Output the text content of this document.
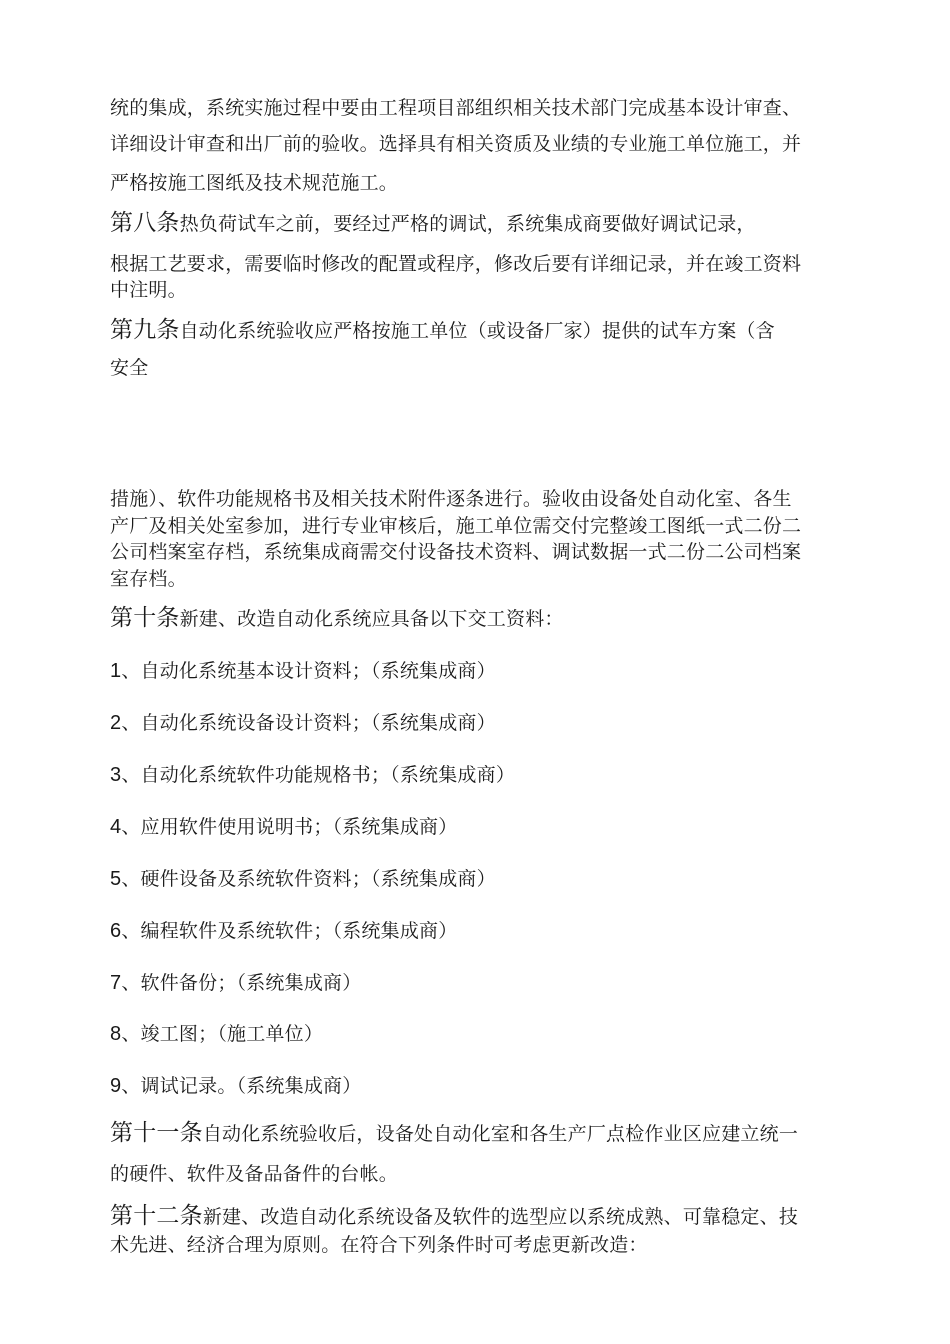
统的集成，系统实施过程中要由工程项目部组织相关技术部门完成基本设计审查、
详细设计审查和出厂前的验收。选择具有相关资质及业绩的专业施工单位施工，并
严格按施工图纸及技术规范施工。
第八条热负荷试车之前，要经过严格的调试，系统集成商要做好调试记录，
根据工艺要求，需要临时修改的配置或程序，修改后要有详细记录，并在竣工资料
中注明。
第九条自动化系统验收应严格按施工单位（或设备厂家）提供的试车方案（含
安全
措施）、软件功能规格书及相关技术附件逐条进行。验收由设备处自动化室、各生
产厂及相关处室参加，进行专业审核后，施工单位需交付完整竣工图纸一式二份二
公司档案室存档，系统集成商需交付设备技术资料、调试数据一式二份二公司档案
室存档。
第十条新建、改造自动化系统应具备以下交工资料：
1、自动化系统基本设计资料；（系统集成商）
2、自动化系统设备设计资料；（系统集成商）
3、自动化系统软件功能规格书；（系统集成商）
4、应用软件使用说明书；（系统集成商）
5、硬件设备及系统软件资料；（系统集成商）
6、编程软件及系统软件；（系统集成商）
7、软件备份；（系统集成商）
8、竣工图；（施工单位）
9、调试记录。（系统集成商）
第十一条自动化系统验收后，设备处自动化室和各生产厂点检作业区应建立统一
的硬件、软件及备品备件的台帐。
第十二条新建、改造自动化系统设备及软件的选型应以系统成熟、可靠稳定、技
术先进、经济合理为原则。在符合下列条件时可考虑更新改造：
